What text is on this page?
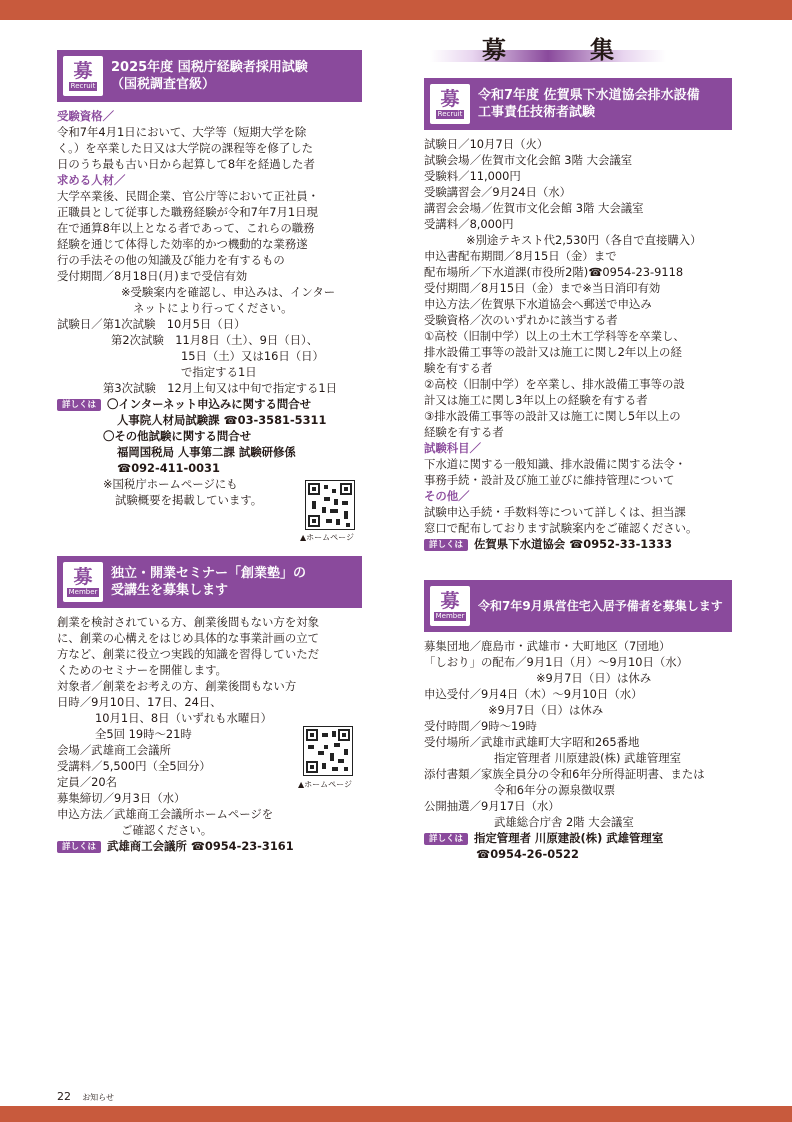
募　集
募
Recruit
2025年度 国税庁経験者採用試験
（国税調査官級）
受験資格／
令和7年4月1日において、大学等（短期大学を除
く。）を卒業した日又は大学院の課程等を修了した
日のうち最も古い日から起算して8年を経過した者
求める人材／
大学卒業後、民間企業、官公庁等において正社員・
正職員として従事した職務経験が令和7年7月1日現
在で通算8年以上となる者であって、これらの職務
経験を通じて体得した効率的かつ機動的な業務遂
行の手法その他の知識及び能力を有するもの
受付期間／8月18日(月)まで受信有効
※受験案内を確認し、申込みは、インター
ネットにより行ってください。
試験日／第1次試験　10月5日（日）
第2次試験　11月8日（土）、9日（日）、
15日（土）又は16日（日）
で指定する1日
第3次試験　12月上旬又は中旬で指定する1日
詳しくは 〇インターネット申込みに関する問合せ
人事院人材局試験課 ☎03-3581-5311
〇その他試験に関する問合せ
福岡国税局 人事第二課 試験研修係
☎092-411-0031
※国税庁ホームページにも
試験概要を掲載しています。
▲ホームページ
募
Member
独立・開業セミナー「創業塾」の
受講生を募集します
創業を検討されている方、創業後間もない方を対象
に、創業の心構えをはじめ具体的な事業計画の立て
方など、創業に役立つ実践的知識を習得していただ
くためのセミナーを開催します。
対象者／創業をお考えの方、創業後間もない方
日時／9月10日、17日、24日、
10月1日、8日（いずれも水曜日）
全5回 19時～21時
会場／武雄商工会議所
受講料／5,500円（全5回分）
定員／20名
募集締切／9月3日（水）
申込方法／武雄商工会議所ホームページを
ご確認ください。
詳しくは 武雄商工会議所 ☎0954-23-3161
▲ホームページ
募
Recruit
令和7年度 佐賀県下水道協会排水設備
工事責任技術者試験
試験日／10月7日（火）
試験会場／佐賀市文化会館 3階 大会議室
受験料／11,000円
受験講習会／9月24日（水）
講習会会場／佐賀市文化会館 3階 大会議室
受講料／8,000円
※別途テキスト代2,530円（各自で直接購入）
申込書配布期間／8月15日（金）まで
配布場所／下水道課(市役所2階)☎0954-23-9118
受付期間／8月15日（金）まで※当日消印有効
申込方法／佐賀県下水道協会へ郵送で申込み
受験資格／次のいずれかに該当する者
①高校（旧制中学）以上の土木工学科等を卒業し、
排水設備工事等の設計又は施工に関し2年以上の経
験を有する者
②高校（旧制中学）を卒業し、排水設備工事等の設
計又は施工に関し3年以上の経験を有する者
③排水設備工事等の設計又は施工に関し5年以上の
経験を有する者
試験科目／
下水道に関する一般知識、排水設備に関する法令・
事務手続・設計及び施工並びに維持管理について
その他／
試験申込手続・手数料等について詳しくは、担当課
窓口で配布しております試験案内をご確認ください。
詳しくは 佐賀県下水道協会 ☎0952-33-1333
募
Member
令和7年9月県営住宅入居予備者を募集します
募集団地／鹿島市・武雄市・大町地区（7団地）
「しおり」の配布／9月1日（月）～9月10日（水）
※9月7日（日）は休み
申込受付／9月4日（木）～9月10日（水）
※9月7日（日）は休み
受付時間／9時～19時
受付場所／武雄市武雄町大字昭和265番地
指定管理者 川原建設(株) 武雄管理室
添付書類／家族全員分の令和6年分所得証明書、または
令和6年分の源泉徴収票
公開抽選／9月17日（水）
武雄総合庁舎 2階 大会議室
詳しくは 指定管理者 川原建設(株) 武雄管理室
☎0954-26-0522
22 お知らせ
